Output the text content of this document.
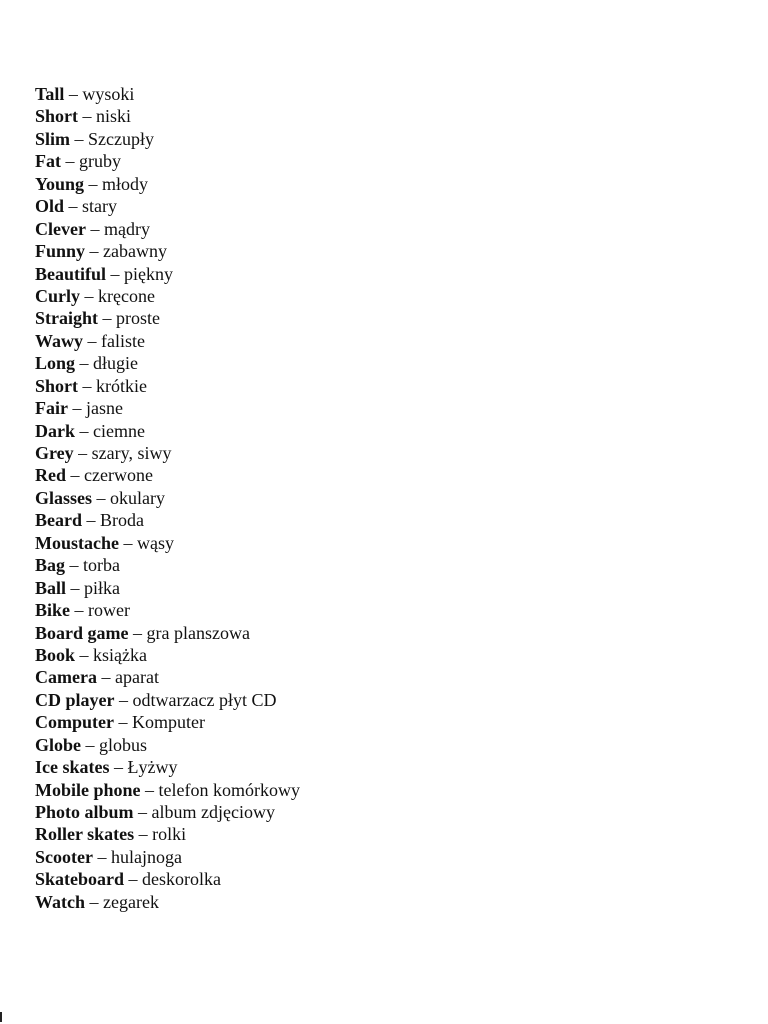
Tall – wysoki
Short – niski
Slim – Szczupły
Fat – gruby
Young – młody
Old – stary
Clever – mądry
Funny – zabawny
Beautiful – piękny
Curly – kręcone
Straight – proste
Wawy – faliste
Long – długie
Short – krótkie
Fair – jasne
Dark – ciemne
Grey – szary, siwy
Red – czerwone
Glasses – okulary
Beard – Broda
Moustache – wąsy
Bag – torba
Ball – piłka
Bike – rower
Board game – gra planszowa
Book – książka
Camera – aparat
CD player – odtwarzacz płyt CD
Computer – Komputer
Globe – globus
Ice skates – Łyżwy
Mobile phone – telefon komórkowy
Photo album – album zdjęciowy
Roller skates – rolki
Scooter – hulajnoga
Skateboard – deskorolka
Watch – zegarek
